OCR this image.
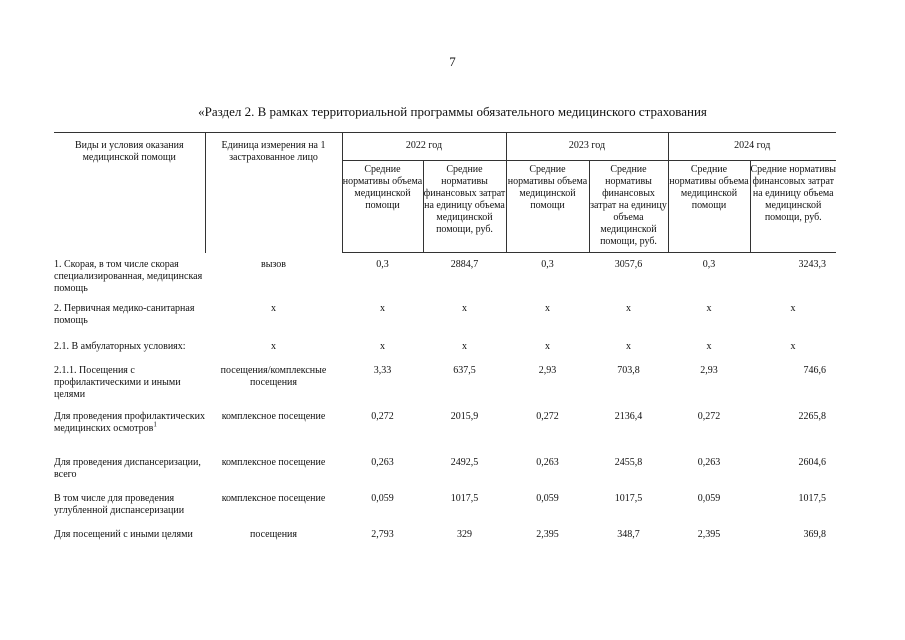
7
«Раздел 2. В рамках территориальной программы обязательного медицинского страхования
Виды и условия оказания медицинской помощи	Единица измерения на 1 застрахованное лицо	2022 год		2023 год		2024 год	
		Средние нормативы объема медицинской помощи	Средние нормативы финансовых затрат на единицу объема медицинской помощи, руб.	Средние нормативы объема медицинской помощи	Средние нормативы финансовых затрат на единицу объема медицинской помощи, руб.	Средние нормативы объема медицинской помощи	Средние нормативы финансовых затрат на единицу объема медицинской помощи, руб.
1. Скорая, в том числе скорая специализированная, медицинская помощь	вызов	0,3	2884,7	0,3	3057,6	0,3	3243,3
2. Первичная медико-санитарная помощь	х	х	х	х	х	х	х
2.1. В амбулаторных условиях:	х	х	х	х	х	х	х
2.1.1. Посещения с профилактическими и иными целями	посещения/комплексные посещения	3,33	637,5	2,93	703,8	2,93	746,6
Для проведения профилактических медицинских осмотров$^1$	комплексное посещение	0,272	2015,9	0,272	2136,4	0,272	2265,8
Для проведения диспансеризации, всего	комплексное посещение	0,263	2492,5	0,263	2455,8	0,263	2604,6
В том числе для проведения углубленной диспансеризации	комплексное посещение	0,059	1017,5	0,059	1017,5	0,059	1017,5
Для посещений с иными целями	посещения	2,793	329	2,395	348,7	2,395	369,8
